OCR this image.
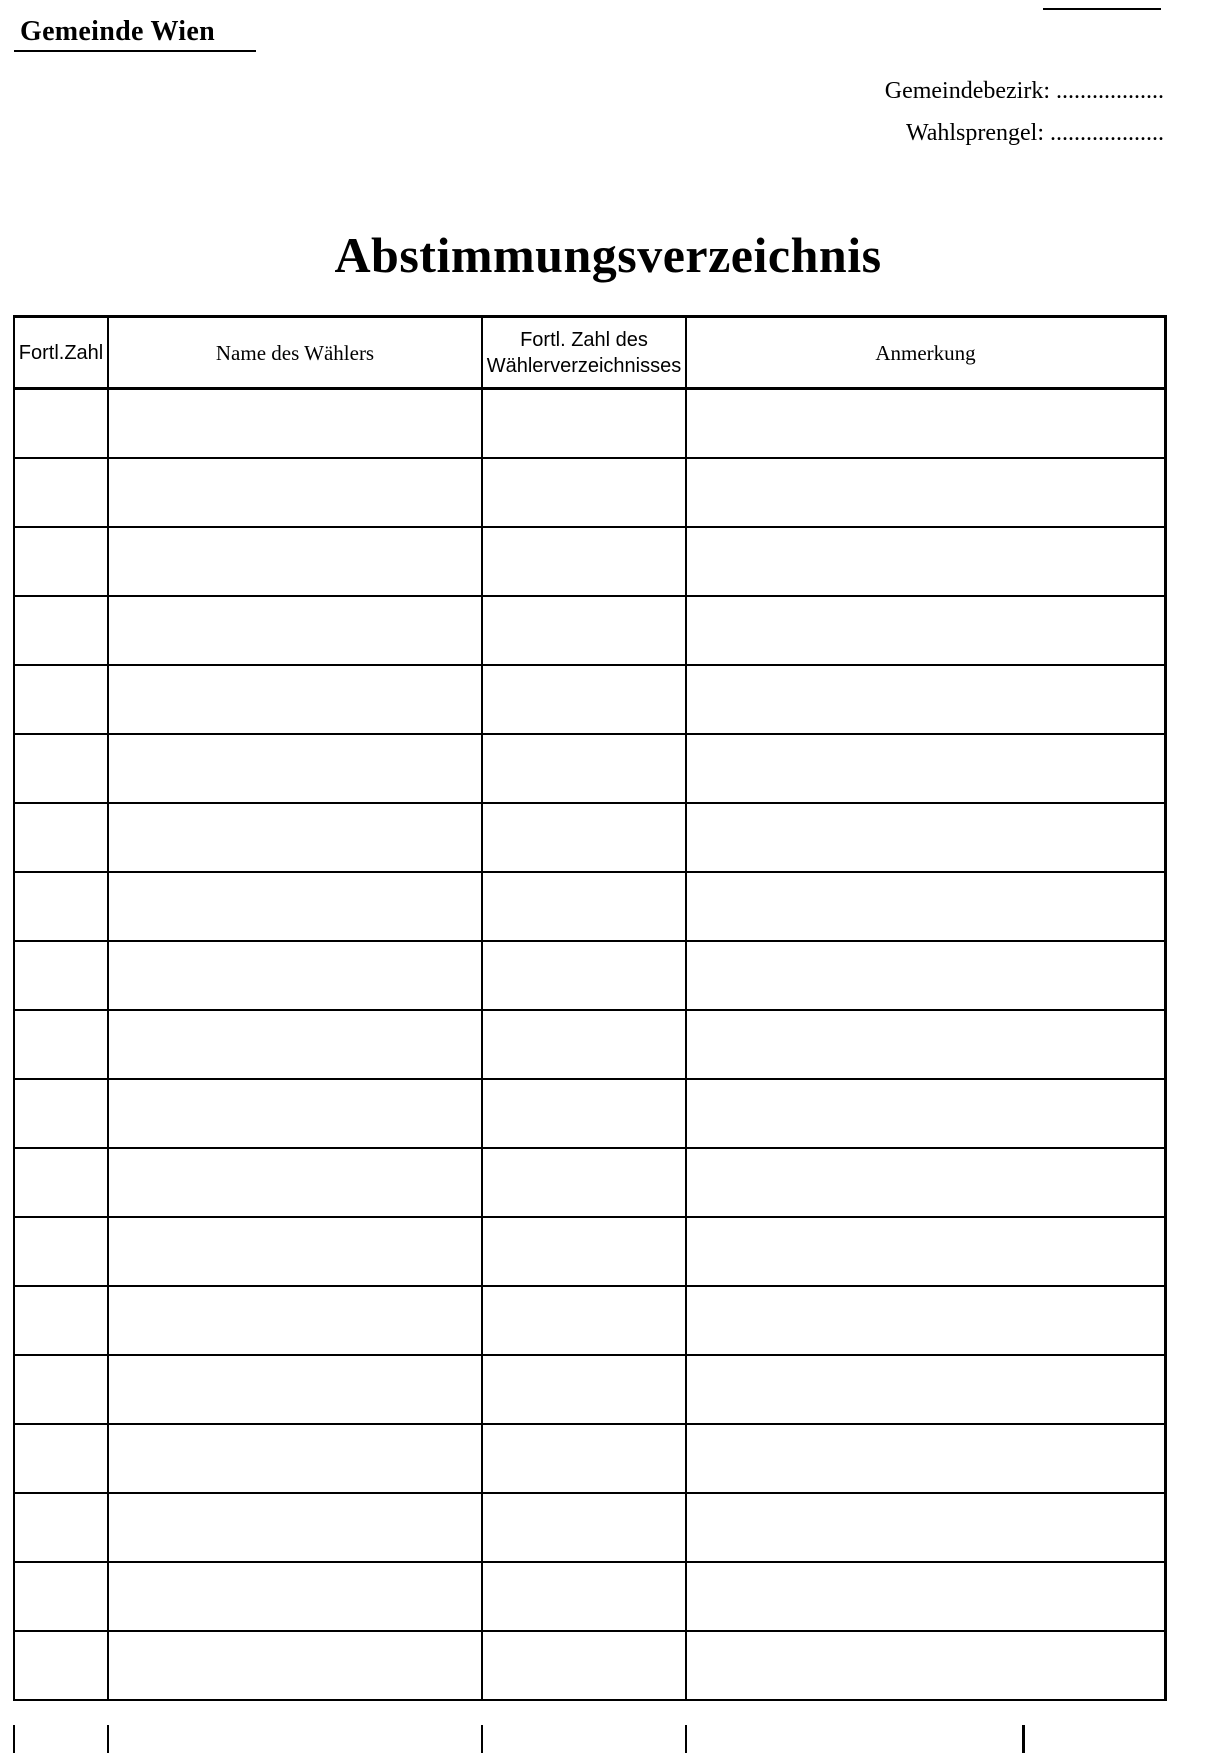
Gemeinde Wien
Gemeindebezirk: ..................
Wahlsprengel: ...................
Abstimmungsverzeichnis
Fortl.Zahl	Name des Wählers	Fortl. Zahl des Wählerverzeichnisses	Anmerkung
